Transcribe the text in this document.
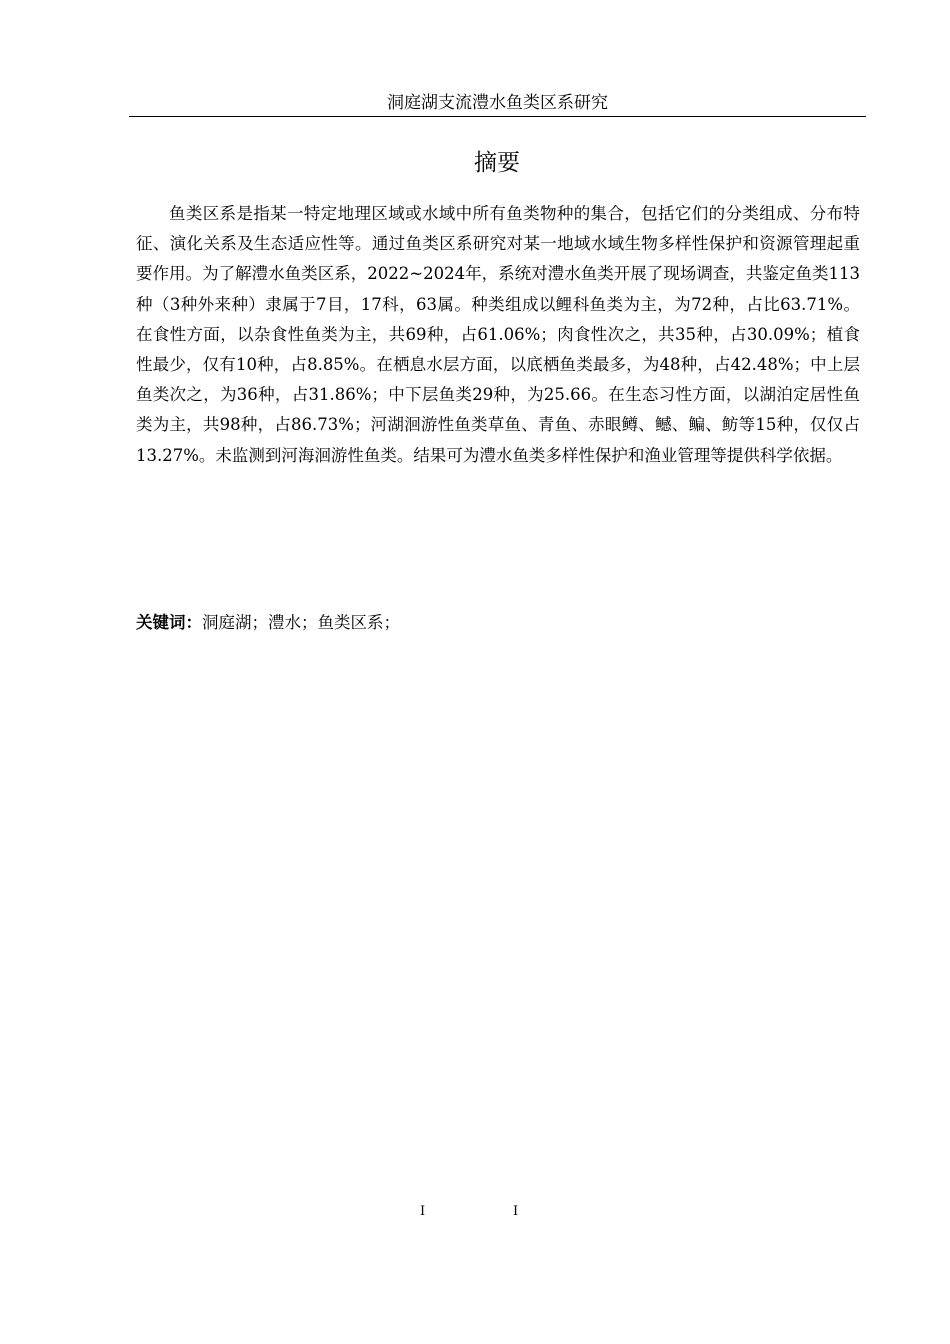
洞庭湖支流澧水鱼类区系研究
摘要

鱼类区系是指某一特定地理区域或水域中所有鱼类物种的集合，包括它们的分类组成、分布特征、演化关系及生态适应性等。通过鱼类区系研究对某一地域水域生物多样性保护和资源管理起重要作用。为了解澧水鱼类区系，2022~2024年，系统对澧水鱼类开展了现场调查，共鉴定鱼类113种（3种外来种）隶属于7目，17科，63属。种类组成以鲤科鱼类为主，为72种，占比63.71%。在食性方面，以杂食性鱼类为主，共69种，占61.06%；肉食性次之，共35种，占30.09%；植食性最少，仅有10种，占8.85%。在栖息水层方面，以底栖鱼类最多，为48种，占42.48%；中上层鱼类次之，为36种，占31.86%；中下层鱼类29种，为25.66。在生态习性方面，以湖泊定居性鱼类为主，共98种，占86.73%；河湖洄游性鱼类草鱼、青鱼、赤眼鳟、鳡、鳊、鲂等15种，仅仅占13.27%。未监测到河海洄游性鱼类。结果可为澧水鱼类多样性保护和渔业管理等提供科学依据。

关键词：洞庭湖；澧水；鱼类区系；

I	I
